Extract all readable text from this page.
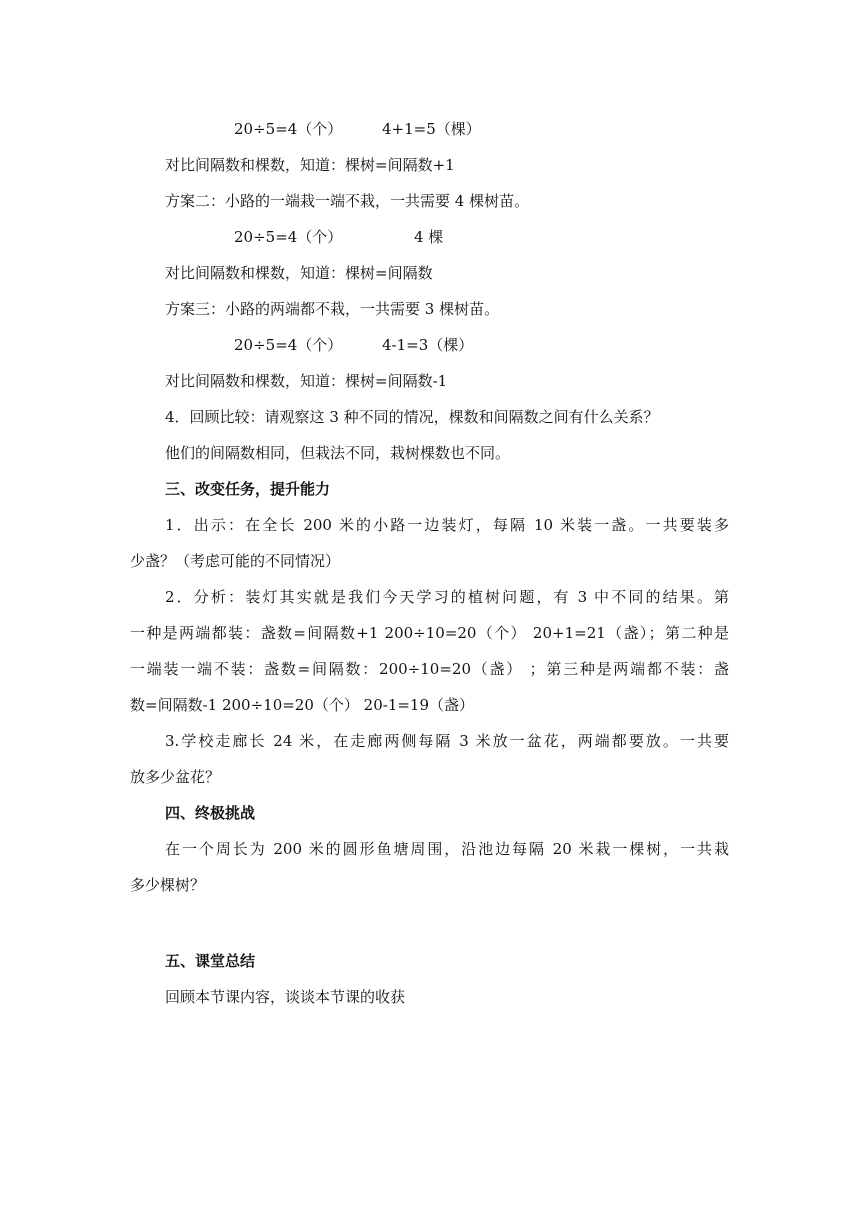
20÷5=4（个）	4+1=5（棵）
对比间隔数和棵数，知道：棵树=间隔数+1
方案二：小路的一端栽一端不栽，一共需要 4 棵树苗。
20÷5=4（个）	4 棵
对比间隔数和棵数，知道：棵树=间隔数
方案三：小路的两端都不栽，一共需要 3 棵树苗。
20÷5=4（个）	4-1=3（棵）
对比间隔数和棵数，知道：棵树=间隔数-1
4．回顾比较：请观察这 3 种不同的情况，棵数和间隔数之间有什么关系？
他们的间隔数相同，但栽法不同，栽树棵数也不同。
三、改变任务，提升能力
1．出示：在全长 200 米的小路一边装灯，每隔 10 米装一盏。一共要装多
少盏？（考虑可能的不同情况）
2．分析：装灯其实就是我们今天学习的植树问题，有 3 中不同的结果。第
一种是两端都装：盏数=间隔数+1 200÷10=20（个） 20+1=21（盏）；第二种是
一端装一端不装：盏数=间隔数：200÷10=20（盏） ；第三种是两端都不装：盏
数=间隔数-1 200÷10=20（个） 20-1=19（盏）
3.学校走廊长 24 米，在走廊两侧每隔 3 米放一盆花，两端都要放。一共要
放多少盆花？
四、终极挑战
在一个周长为 200 米的圆形鱼塘周围，沿池边每隔 20 米栽一棵树，一共栽
多少棵树？
五、课堂总结
回顾本节课内容，谈谈本节课的收获
